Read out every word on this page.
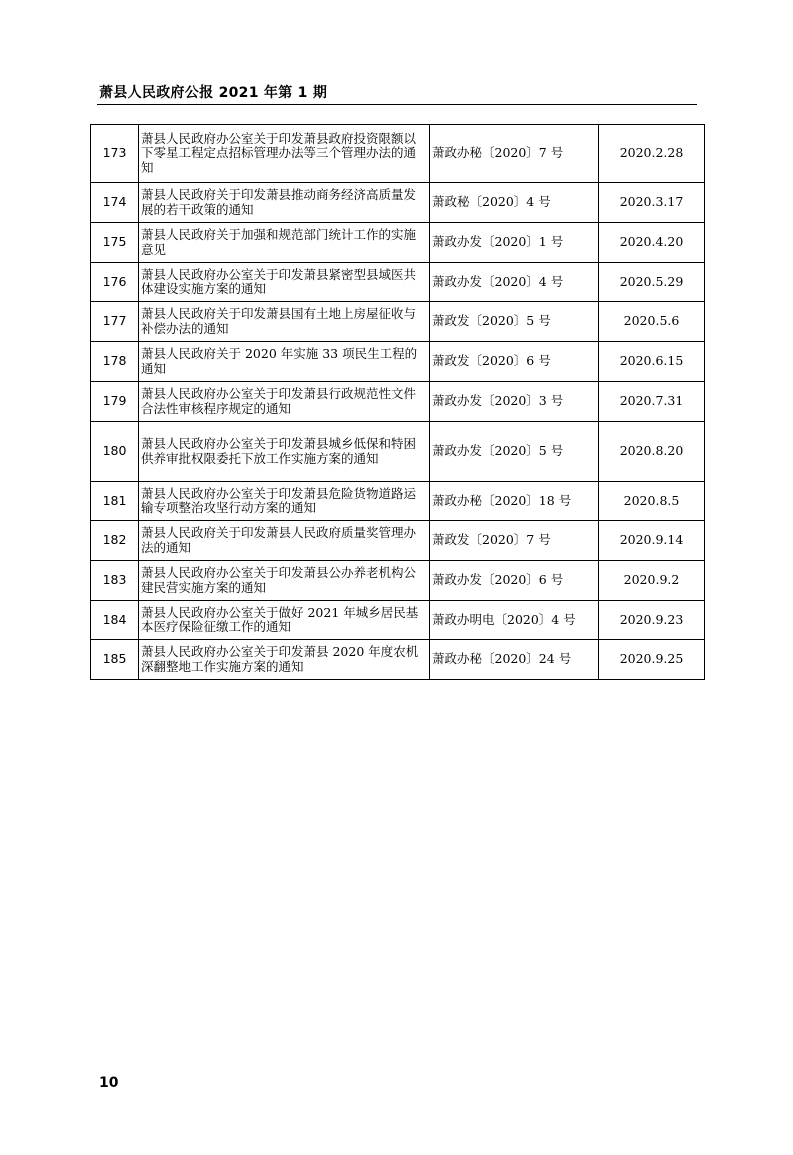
萧县人民政府公报 2021 年第 1 期
173	萧县人民政府办公室关于印发萧县政府投资限额以下零星工程定点招标管理办法等三个管理办法的通知	萧政办秘〔2020〕7 号	2020.2.28
174	萧县人民政府关于印发萧县推动商务经济高质量发展的若干政策的通知	萧政秘〔2020〕4 号	2020.3.17
175	萧县人民政府关于加强和规范部门统计工作的实施意见	萧政办发〔2020〕1 号	2020.4.20
176	萧县人民政府办公室关于印发萧县紧密型县域医共体建设实施方案的通知	萧政办发〔2020〕4 号	2020.5.29
177	萧县人民政府关于印发萧县国有土地上房屋征收与补偿办法的通知	萧政发〔2020〕5 号	2020.5.6
178	萧县人民政府关于 2020 年实施 33 项民生工程的通知	萧政发〔2020〕6 号	2020.6.15
179	萧县人民政府办公室关于印发萧县行政规范性文件合法性审核程序规定的通知	萧政办发〔2020〕3 号	2020.7.31
180	萧县人民政府办公室关于印发萧县城乡低保和特困供养审批权限委托下放工作实施方案的通知	萧政办发〔2020〕5 号	2020.8.20
181	萧县人民政府办公室关于印发萧县危险货物道路运输专项整治攻坚行动方案的通知	萧政办秘〔2020〕18 号	2020.8.5
182	萧县人民政府关于印发萧县人民政府质量奖管理办法的通知	萧政发〔2020〕7 号	2020.9.14
183	萧县人民政府办公室关于印发萧县公办养老机构公建民营实施方案的通知	萧政办发〔2020〕6 号	2020.9.2
184	萧县人民政府办公室关于做好 2021 年城乡居民基本医疗保险征缴工作的通知	萧政办明电〔2020〕4 号	2020.9.23
185	萧县人民政府办公室关于印发萧县 2020 年度农机深翻整地工作实施方案的通知	萧政办秘〔2020〕24 号	2020.9.25
10
